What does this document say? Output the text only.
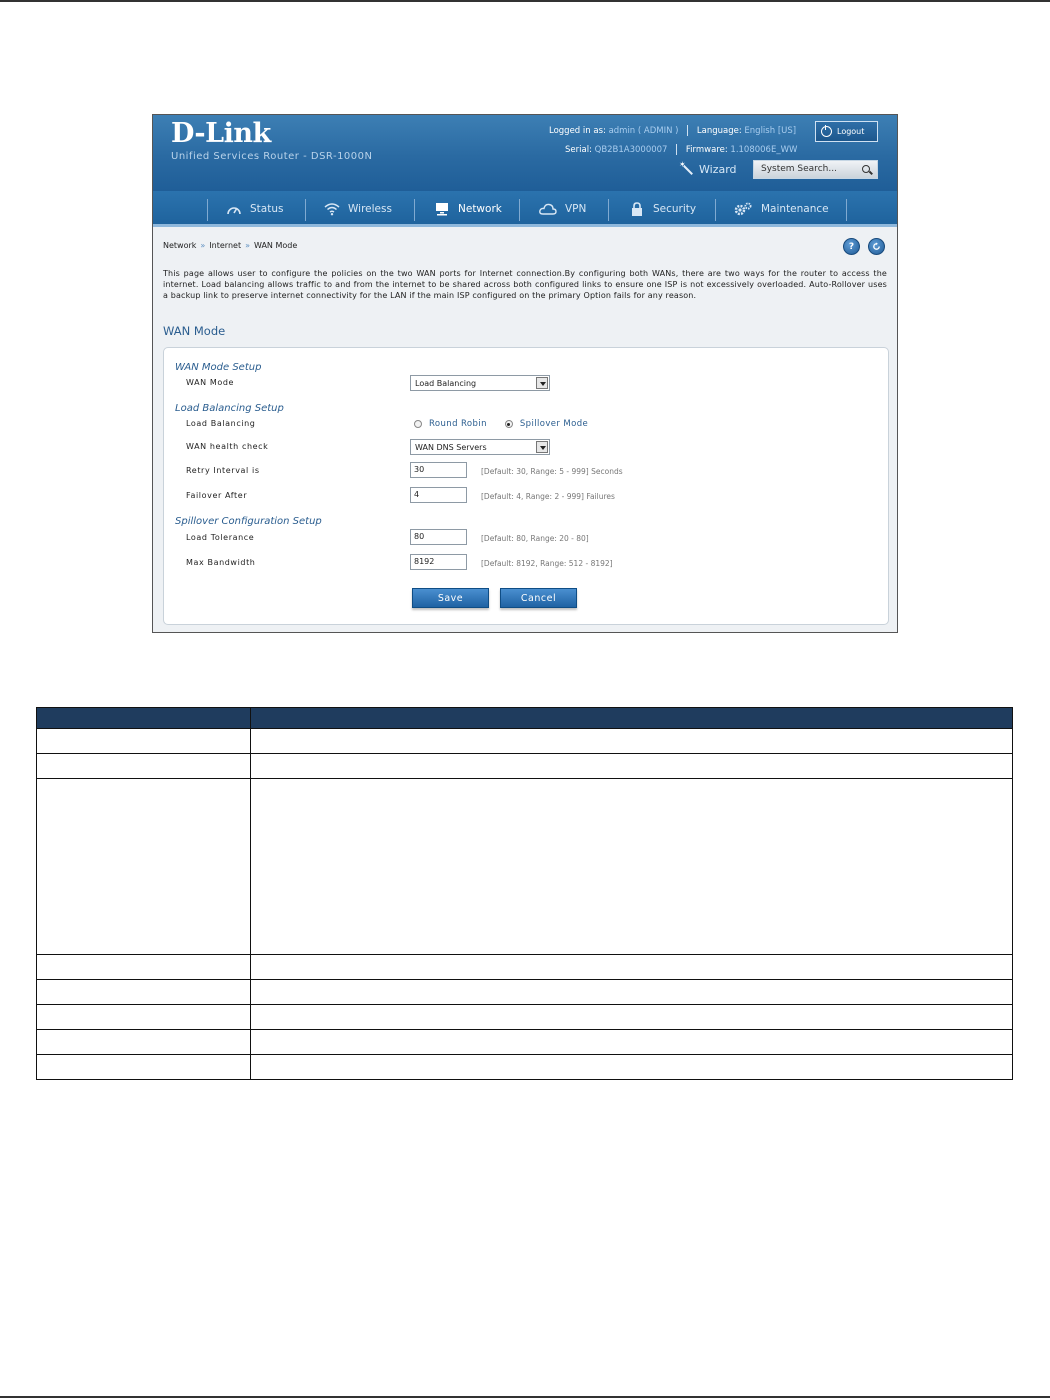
D-Link
Unified Services Router - DSR-1000N
Logged in as: admin ( ADMIN ) Language: English [US]	Logout
Serial: QB2B1A3000007 Firmware: 1.108006E_WW
✶
Wizard	System Search...
Status	Wireless	Network	VPN	Security	Maintenance
Network » Internet » WAN Mode	?
This page allows user to configure the policies on the two WAN ports for Internet connection.By configuring both WANs, there are two ways for the router to access the internet. Load balancing allows traffic to and from the internet to be shared across both configured links to ensure one ISP is not excessively overloaded. Auto-Rollover uses a backup link to preserve internet connectivity for the LAN if the main ISP configured on the primary Option fails for any reason.
WAN Mode
WAN Mode Setup
WAN Mode	Load Balancing
Load Balancing Setup
Load Balancing	Round Robin	Spillover Mode
WAN health check	WAN DNS Servers
Retry Interval is	30	[Default: 30, Range: 5 - 999] Seconds
Failover After	4	[Default: 4, Range: 2 - 999] Failures
Spillover Configuration Setup
Load Tolerance	80	[Default: 80, Range: 20 - 80]
Max Bandwidth	8192	[Default: 8192, Range: 512 - 8192]
Save	Cancel
